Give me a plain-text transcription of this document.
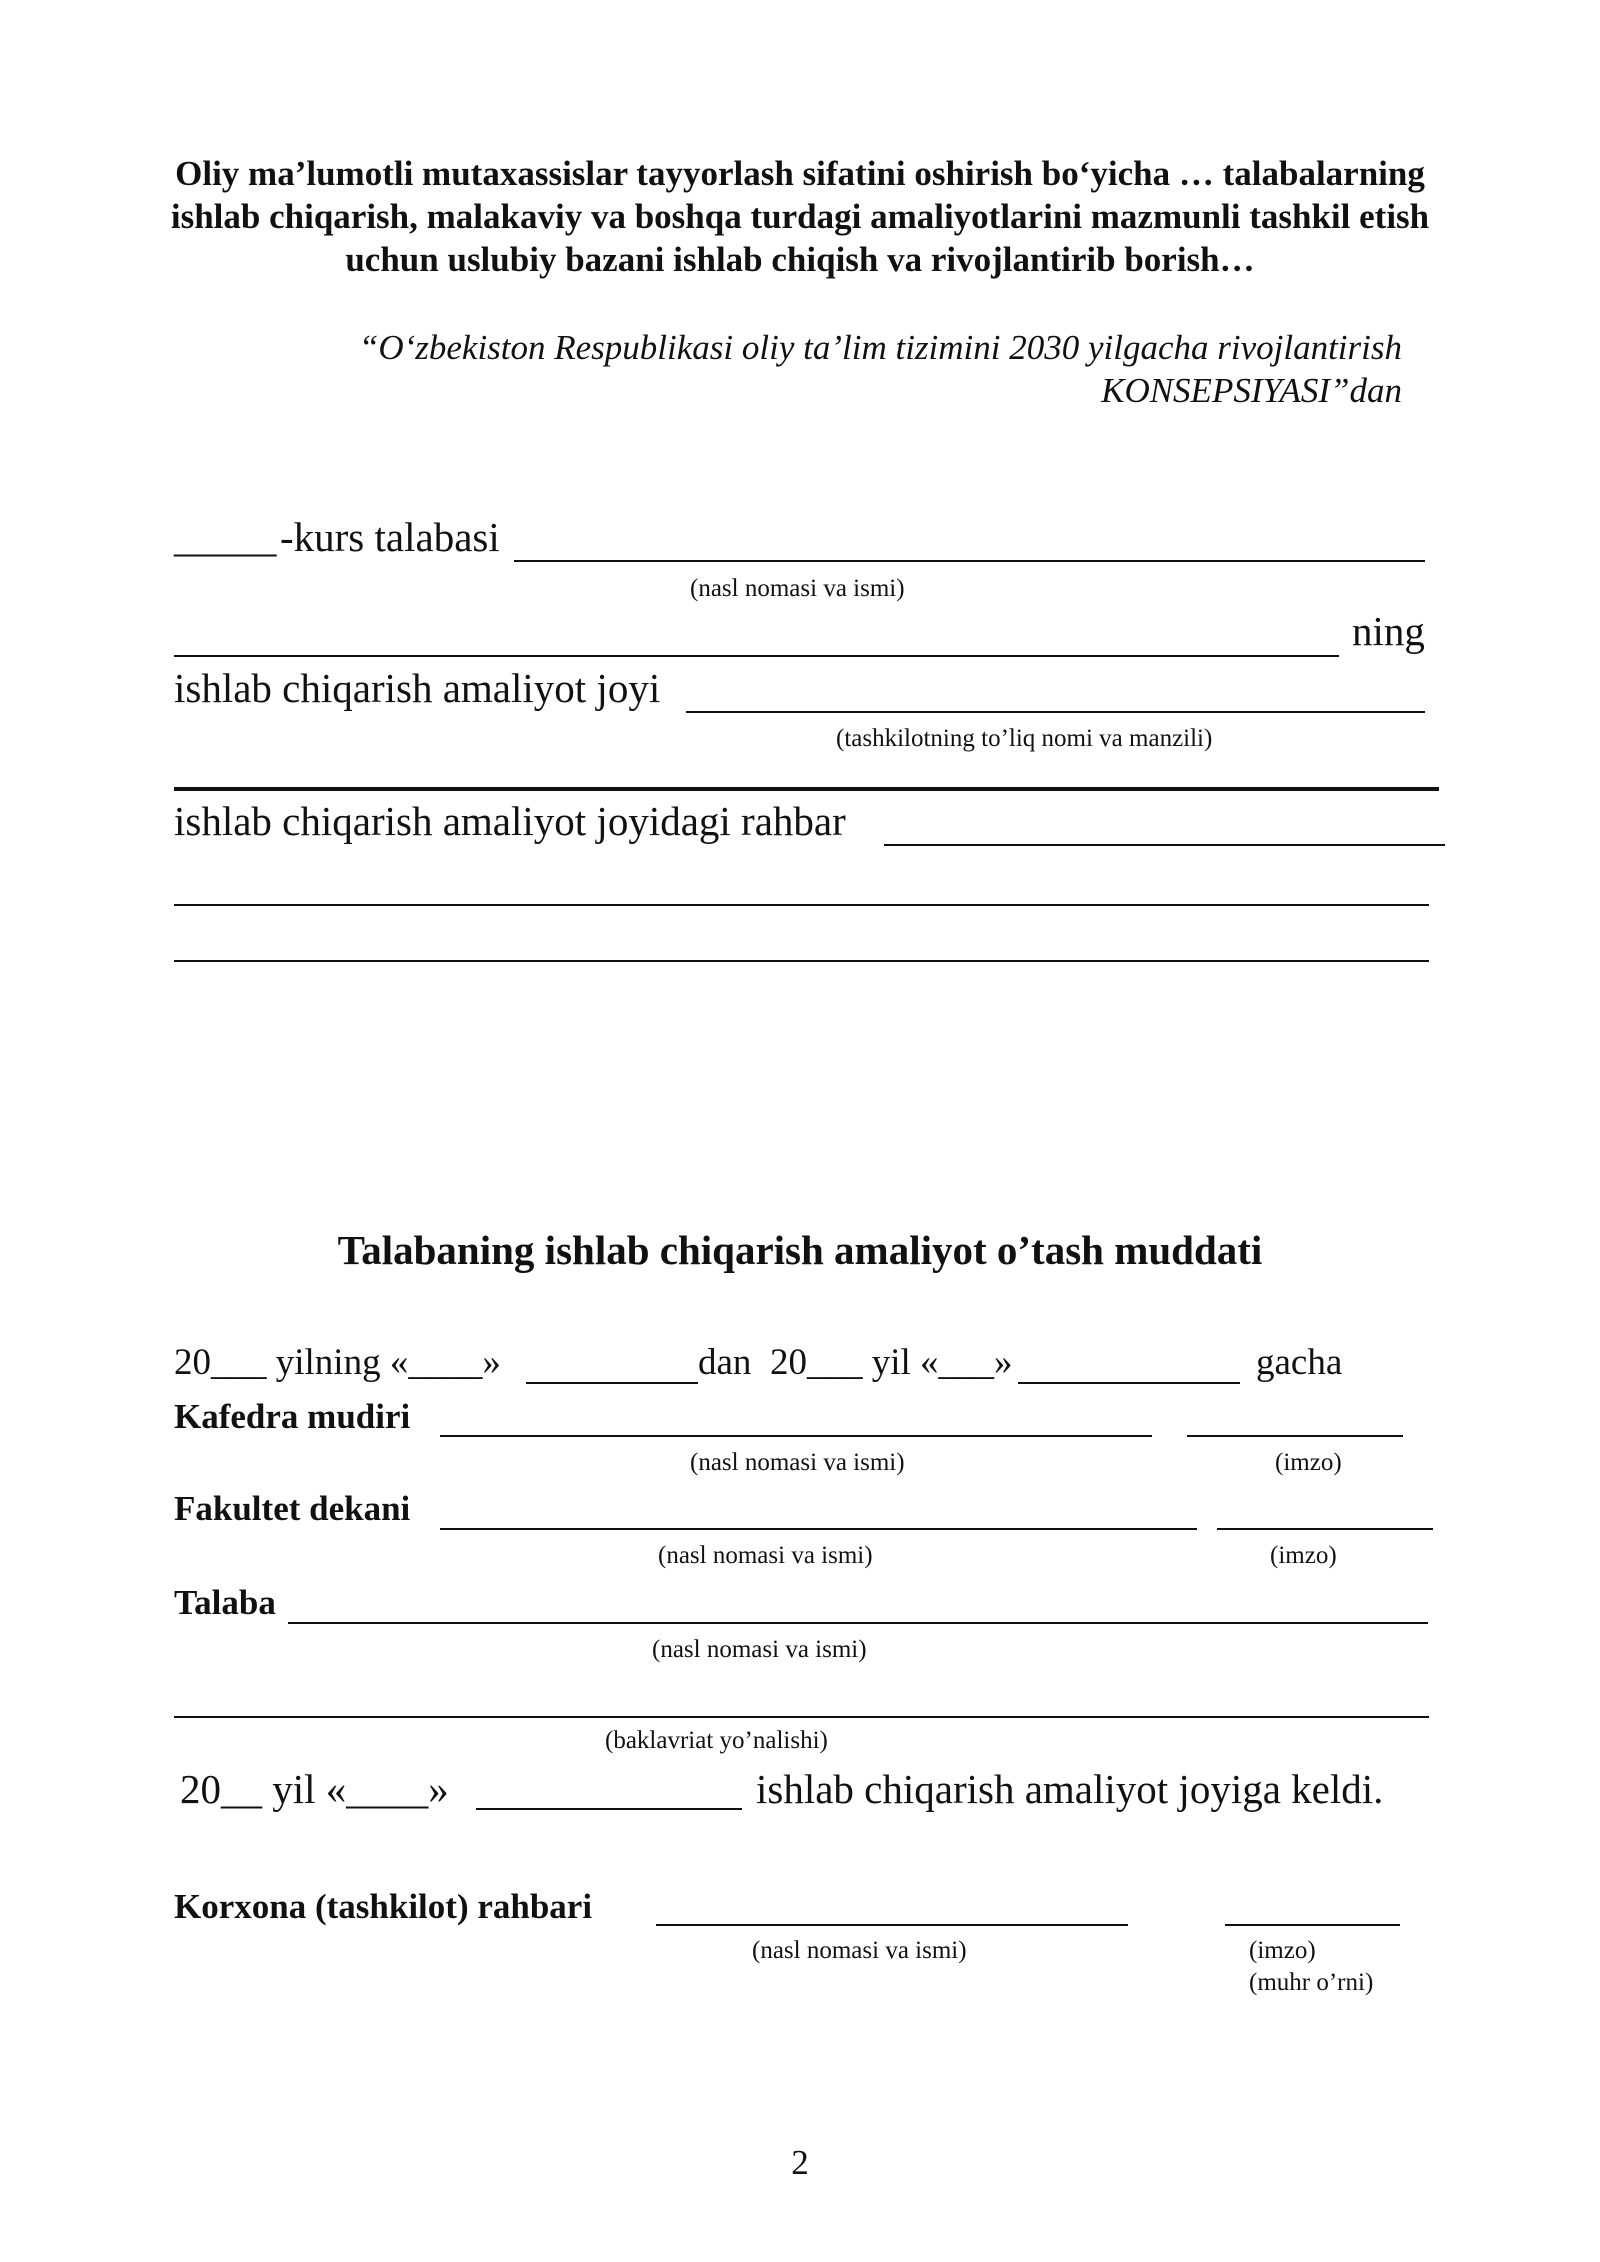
Oliy ma’lumotli mutaxassislar tayyorlash sifatini oshirish bo‘yicha … talabalarning ishlab chiqarish, malakaviy va boshqa turdagi amaliyotlarini mazmunli tashkil etish uchun uslubiy bazani ishlab chiqish va rivojlantirib borish…

“O‘zbekiston Respublikasi oliy ta’lim tizimini 2030 yilgacha rivojlantirish
KONSEPSIYASI”dan
_____ -kurs talabasi
(nasl nomasi va ismi)
ning
ishlab chiqarish amaliyot joyi
(tashkilotning to’liq nomi va manzili)
ishlab chiqarish amaliyot joyidagi rahbar
Talabaning ishlab chiqarish amaliyot o’tash muddati
20___ yilning «____»	dan 20___ yil «___»	gacha
Kafedra mudiri
(nasl nomasi va ismi)	(imzo)
Fakultet dekani
(nasl nomasi va ismi)	(imzo)
Talaba
(nasl nomasi va ismi)
(baklavriat yo’nalishi)
20__ yil «____»	ishlab chiqarish amaliyot joyiga keldi.
Korxona (tashkilot) rahbari
(nasl nomasi va ismi)	(imzo)
(muhr o’rni)
2
